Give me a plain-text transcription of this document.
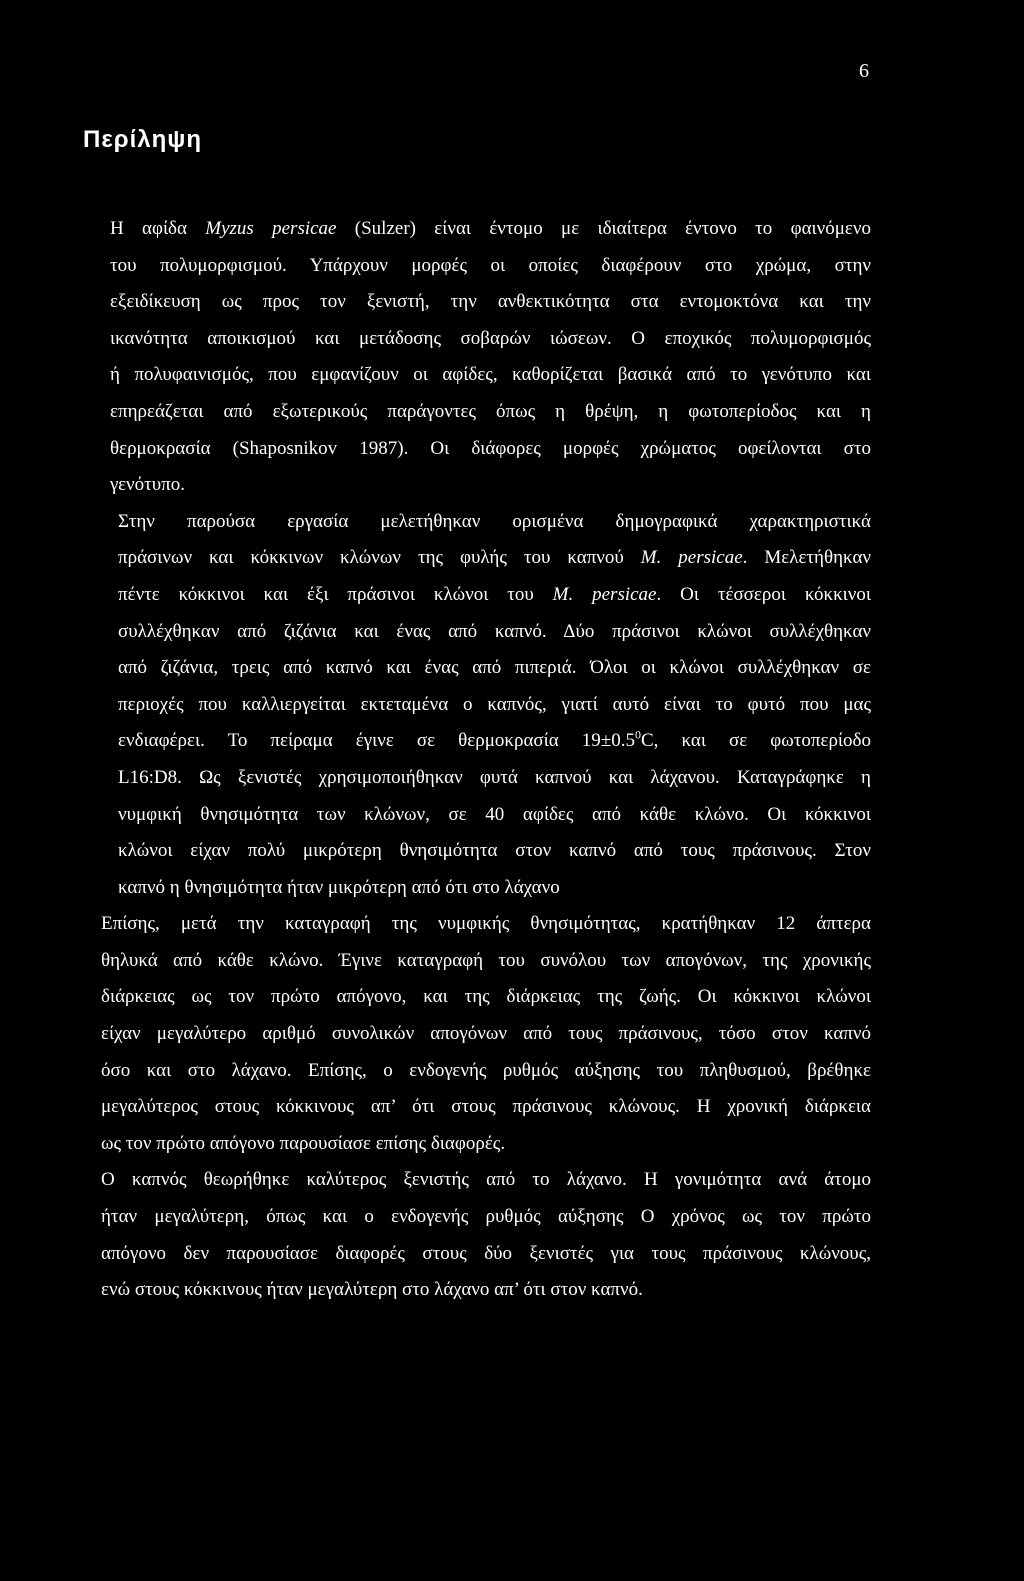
6
Περίληψη
Η αφίδα Myzus persicae (Sulzer) είναι έντομο με ιδιαίτερα έντονο το φαινόμενο
του πολυμορφισμού. Υπάρχουν μορφές οι οποίες διαφέρουν στο χρώμα, στην
εξειδίκευση ως προς τον ξενιστή, την ανθεκτικότητα στα εντομοκτόνα και την
ικανότητα αποικισμού και μετάδοσης σοβαρών ιώσεων. Ο εποχικός πολυμορφισμός
ή πολυφαινισμός, που εμφανίζουν οι αφίδες, καθορίζεται βασικά από το γενότυπο και
επηρεάζεται από εξωτερικούς παράγοντες όπως η θρέψη, η φωτοπερίοδος και η
θερμοκρασία (Shaposnikov 1987). Οι διάφορες μορφές χρώματος οφείλονται στο
γενότυπο.
Στην παρούσα εργασία μελετήθηκαν ορισμένα δημογραφικά χαρακτηριστικά
πράσινων και κόκκινων κλώνων της φυλής του καπνού M. persicae. Μελετήθηκαν
πέντε κόκκινοι και έξι πράσινοι κλώνοι του M. persicae. Οι τέσσεροι κόκκινοι
συλλέχθηκαν από ζιζάνια και ένας από καπνό. Δύο πράσινοι κλώνοι συλλέχθηκαν
από ζιζάνια, τρεις από καπνό και ένας από πιπεριά. Όλοι οι κλώνοι συλλέχθηκαν σε
περιοχές που καλλιεργείται εκτεταμένα ο καπνός, γιατί αυτό είναι το φυτό που μας
ενδιαφέρει. Το πείραμα έγινε σε θερμοκρασία $19\pm 0.5^0C$, και σε φωτοπερίοδο
L16:D8. Ως ξενιστές χρησιμοποιήθηκαν φυτά καπνού και λάχανου. Καταγράφηκε η
νυμφική θνησιμότητα των κλώνων, σε 40 αφίδες από κάθε κλώνο. Οι κόκκινοι
κλώνοι είχαν πολύ μικρότερη θνησιμότητα στον καπνό από τους πράσινους. Στον
καπνό η θνησιμότητα ήταν μικρότερη από ότι στο λάχανο
Επίσης, μετά την καταγραφή της νυμφικής θνησιμότητας, κρατήθηκαν 12 άπτερα
θηλυκά από κάθε κλώνο. Έγινε καταγραφή του συνόλου των απογόνων, της χρονικής
διάρκειας ως τον πρώτο απόγονο, και της διάρκειας της ζωής. Οι κόκκινοι κλώνοι
είχαν μεγαλύτερο αριθμό συνολικών απογόνων από τους πράσινους, τόσο στον καπνό
όσο και στο λάχανο. Επίσης, ο ενδογενής ρυθμός αύξησης του πληθυσμού, βρέθηκε
μεγαλύτερος στους κόκκινους απ’ ότι στους πράσινους κλώνους. Η χρονική διάρκεια
ως τον πρώτο απόγονο παρουσίασε επίσης διαφορές.
Ο καπνός θεωρήθηκε καλύτερος ξενιστής από το λάχανο. Η γονιμότητα ανά άτομο
ήταν μεγαλύτερη, όπως και ο ενδογενής ρυθμός αύξησης Ο χρόνος ως τον πρώτο
απόγονο δεν παρουσίασε διαφορές στους δύο ξενιστές για τους πράσινους κλώνους,
ενώ στους κόκκινους ήταν μεγαλύτερη στο λάχανο απ’ ότι στον καπνό.
